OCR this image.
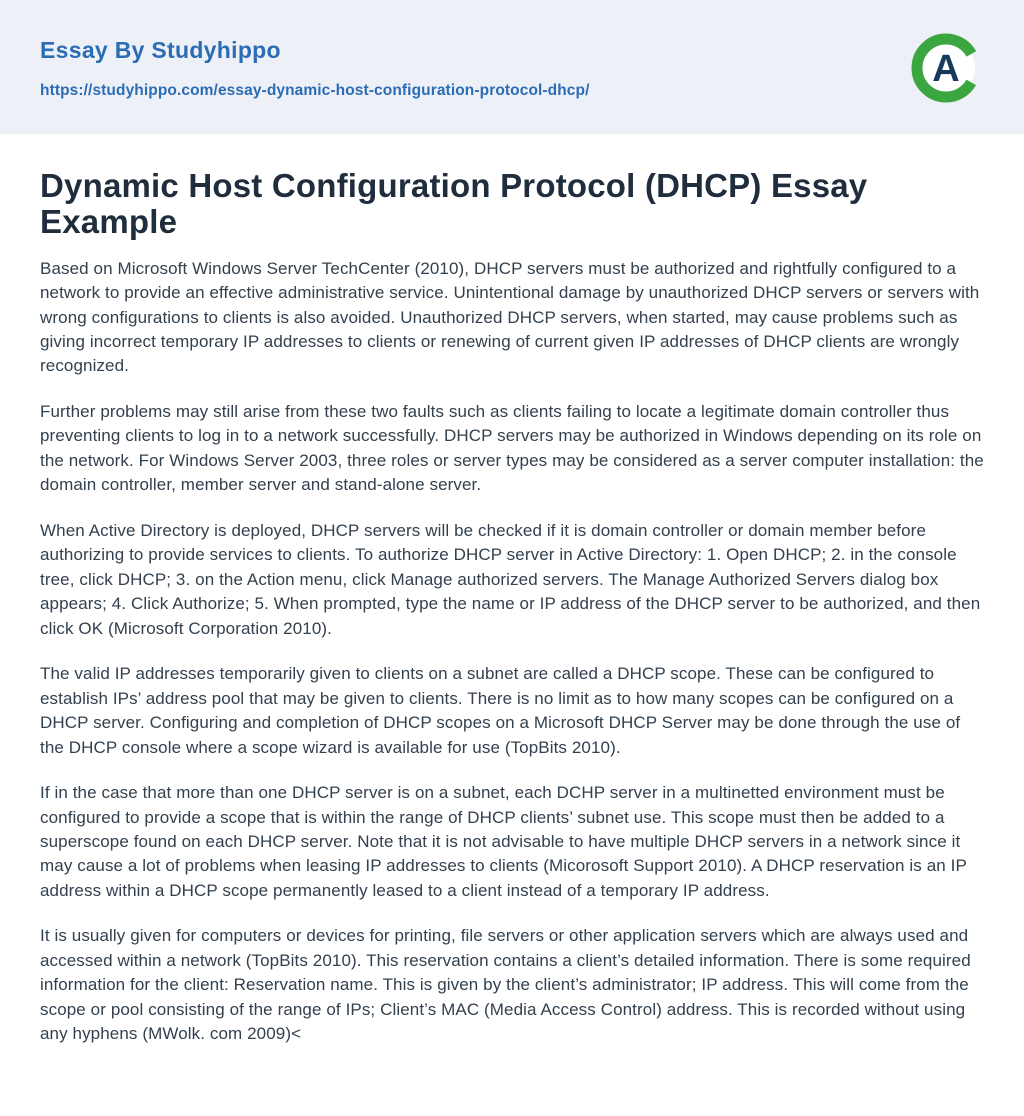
Essay By Studyhippo
https://studyhippo.com/essay-dynamic-host-configuration-protocol-dhcp/	A
Dynamic Host Configuration Protocol (DHCP) Essay Example

Based on Microsoft Windows Server TechCenter (2010), DHCP servers must be authorized and rightfully configured to a network to provide an effective administrative service. Unintentional damage by unauthorized DHCP servers or servers with wrong configurations to clients is also avoided. Unauthorized DHCP servers, when started, may cause problems such as giving incorrect temporary IP addresses to clients or renewing of current given IP addresses of DHCP clients are wrongly recognized.

Further problems may still arise from these two faults such as clients failing to locate a legitimate domain controller thus preventing clients to log in to a network successfully. DHCP servers may be authorized in Windows depending on its role on the network. For Windows Server 2003, three roles or server types may be considered as a server computer installation: the domain controller, member server and stand-alone server.

When Active Directory is deployed, DHCP servers will be checked if it is domain controller or domain member before authorizing to provide services to clients. To authorize DHCP server in Active Directory: 1. Open DHCP; 2. in the console tree, click DHCP; 3. on the Action menu, click Manage authorized servers. The Manage Authorized Servers dialog box appears; 4. Click Authorize; 5. When prompted, type the name or IP address of the DHCP server to be authorized, and then click OK (Microsoft Corporation 2010).

The valid IP addresses temporarily given to clients on a subnet are called a DHCP scope. These can be configured to establish IPs’ address pool that may be given to clients. There is no limit as to how many scopes can be configured on a DHCP server. Configuring and completion of DHCP scopes on a Microsoft DHCP Server may be done through the use of the DHCP console where a scope wizard is available for use (TopBits 2010).

If in the case that more than one DHCP server is on a subnet, each DCHP server in a multinetted environment must be configured to provide a scope that is within the range of DHCP clients’ subnet use. This scope must then be added to a superscope found on each DHCP server. Note that it is not advisable to have multiple DHCP servers in a network since it may cause a lot of problems when leasing IP addresses to clients (Micorosoft Support 2010). A DHCP reservation is an IP address within a DHCP scope permanently leased to a client instead of a temporary IP address.

It is usually given for computers or devices for printing, file servers or other application servers which are always used and accessed within a network (TopBits 2010). This reservation contains a client’s detailed information. There is some required information for the client: Reservation name. This is given by the client’s administrator; IP address. This will come from the scope or pool consisting of the range of IPs; Client’s MAC (Media Access Control) address. This is recorded without using any hyphens (MWolk. com 2009)<
